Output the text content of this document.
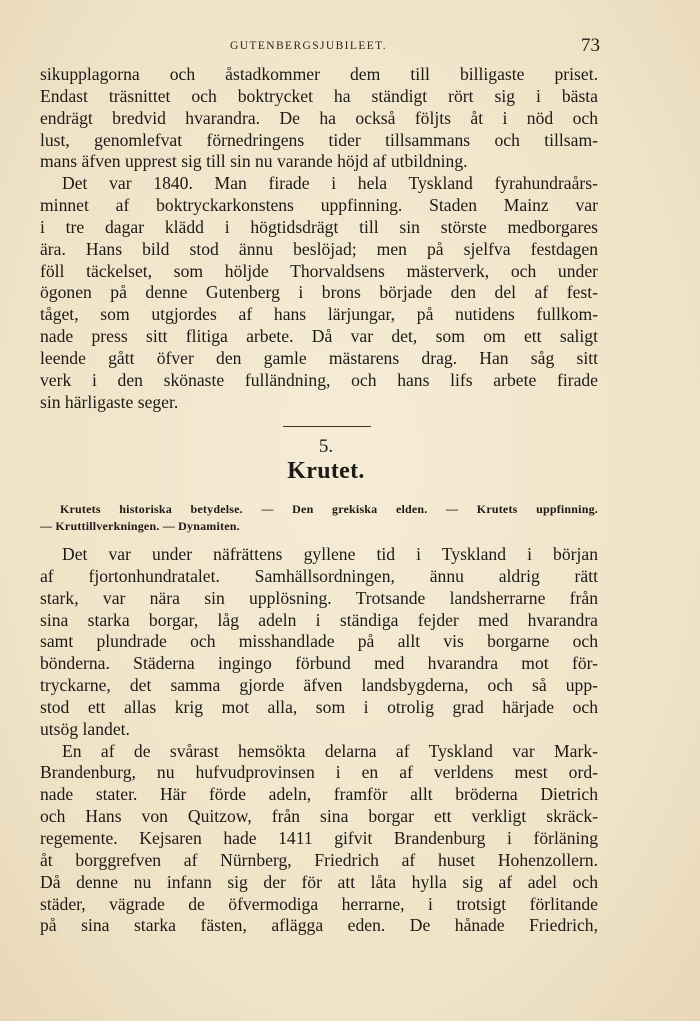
GUTENBERGSJUBILEET.	73
sikupplagorna och åstadkommer dem till billigaste priset.
Endast träsnittet och boktrycket ha ständigt rört sig i bästa
endrägt bredvid hvarandra. De ha också följts åt i nöd och
lust, genomlefvat förnedringens tider tillsammans och tillsam-
mans äfven upprest sig till sin nu varande höjd af utbildning.
Det var 1840. Man firade i hela Tyskland fyrahundraårs-
minnet af boktryckarkonstens uppfinning. Staden Mainz var
i tre dagar klädd i högtidsdrägt till sin störste medborgares
ära. Hans bild stod ännu beslöjad; men på sjelfva festdagen
föll täckelset, som höljde Thorvaldsens mästerverk, och under
ögonen på denne Gutenberg i brons började den del af fest-
tåget, som utgjordes af hans lärjungar, på nutidens fullkom-
nade press sitt flitiga arbete. Då var det, som om ett saligt
leende gått öfver den gamle mästarens drag. Han såg sitt
verk i den skönaste fulländning, och hans lifs arbete firade
sin härligaste seger.
5.
Krutet.
Krutets historiska betydelse. — Den grekiska elden. — Krutets uppfinning.
— Kruttillverkningen. — Dynamiten.
Det var under näfrättens gyllene tid i Tyskland i början
af fjortonhundratalet. Samhällsordningen, ännu aldrig rätt
stark, var nära sin upplösning. Trotsande landsherrarne från
sina starka borgar, låg adeln i ständiga fejder med hvarandra
samt plundrade och misshandlade på allt vis borgarne och
bönderna. Städerna ingingo förbund med hvarandra mot för-
tryckarne, det samma gjorde äfven landsbygderna, och så upp-
stod ett allas krig mot alla, som i otrolig grad härjade och
utsög landet.
En af de svårast hemsökta delarna af Tyskland var Mark-
Brandenburg, nu hufvudprovinsen i en af verldens mest ord-
nade stater. Här förde adeln, framför allt bröderna Dietrich
och Hans von Quitzow, från sina borgar ett verkligt skräck-
regemente. Kejsaren hade 1411 gifvit Brandenburg i förläning
åt borggrefven af Nürnberg, Friedrich af huset Hohenzollern.
Då denne nu infann sig der för att låta hylla sig af adel och
städer, vägrade de öfvermodiga herrarne, i trotsigt förlitande
på sina starka fästen, aflägga eden. De hånade Friedrich,
